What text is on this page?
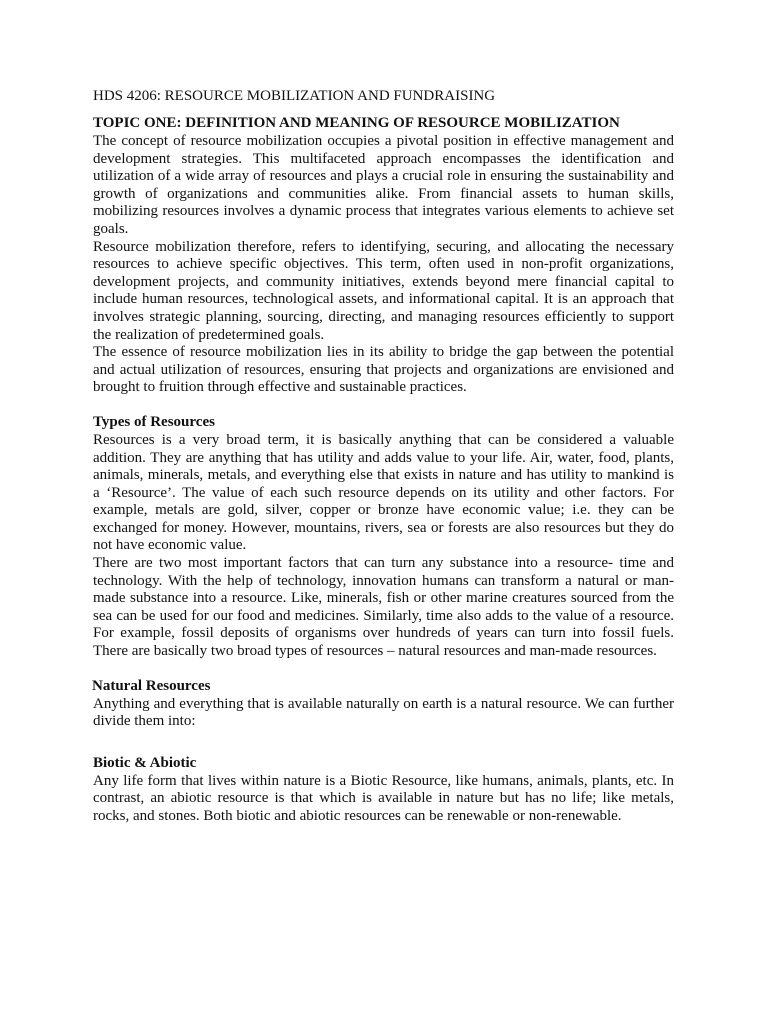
HDS 4206: RESOURCE MOBILIZATION AND FUNDRAISING
TOPIC ONE: DEFINITION AND MEANING OF RESOURCE MOBILIZATION

The concept of resource mobilization occupies a pivotal position in effective management and development strategies. This multifaceted approach encompasses the identification and utilization of a wide array of resources and plays a crucial role in ensuring the sustainability and growth of organizations and communities alike. From financial assets to human skills, mobilizing resources involves a dynamic process that integrates various elements to achieve set goals.

Resource mobilization therefore, refers to identifying, securing, and allocating the necessary resources to achieve specific objectives. This term, often used in non-profit organizations, development projects, and community initiatives, extends beyond mere financial capital to include human resources, technological assets, and informational capital. It is an approach that involves strategic planning, sourcing, directing, and managing resources efficiently to support the realization of predetermined goals.

The essence of resource mobilization lies in its ability to bridge the gap between the potential and actual utilization of resources, ensuring that projects and organizations are envisioned and brought to fruition through effective and sustainable practices.

Types of Resources

Resources is a very broad term, it is basically anything that can be considered a valuable addition. They are anything that has utility and adds value to your life. Air, water, food, plants, animals, minerals, metals, and everything else that exists in nature and has utility to mankind is a ‘Resource’. The value of each such resource depends on its utility and other factors. For example, metals are gold, silver, copper or bronze have economic value; i.e. they can be exchanged for money. However, mountains, rivers, sea or forests are also resources but they do not have economic value.

There are two most important factors that can turn any substance into a resource- time and technology. With the help of technology, innovation humans can transform a natural or man-made substance into a resource. Like, minerals, fish or other marine creatures sourced from the sea can be used for our food and medicines. Similarly, time also adds to the value of a resource. For example, fossil deposits of organisms over hundreds of years can turn into fossil fuels. There are basically two broad types of resources – natural resources and man-made resources.

Natural Resources

Anything and everything that is available naturally on earth is a natural resource. We can further divide them into:

Biotic & Abiotic

Any life form that lives within nature is a Biotic Resource, like humans, animals, plants, etc. In contrast, an abiotic resource is that which is available in nature but has no life; like metals, rocks, and stones. Both biotic and abiotic resources can be renewable or non-renewable.
